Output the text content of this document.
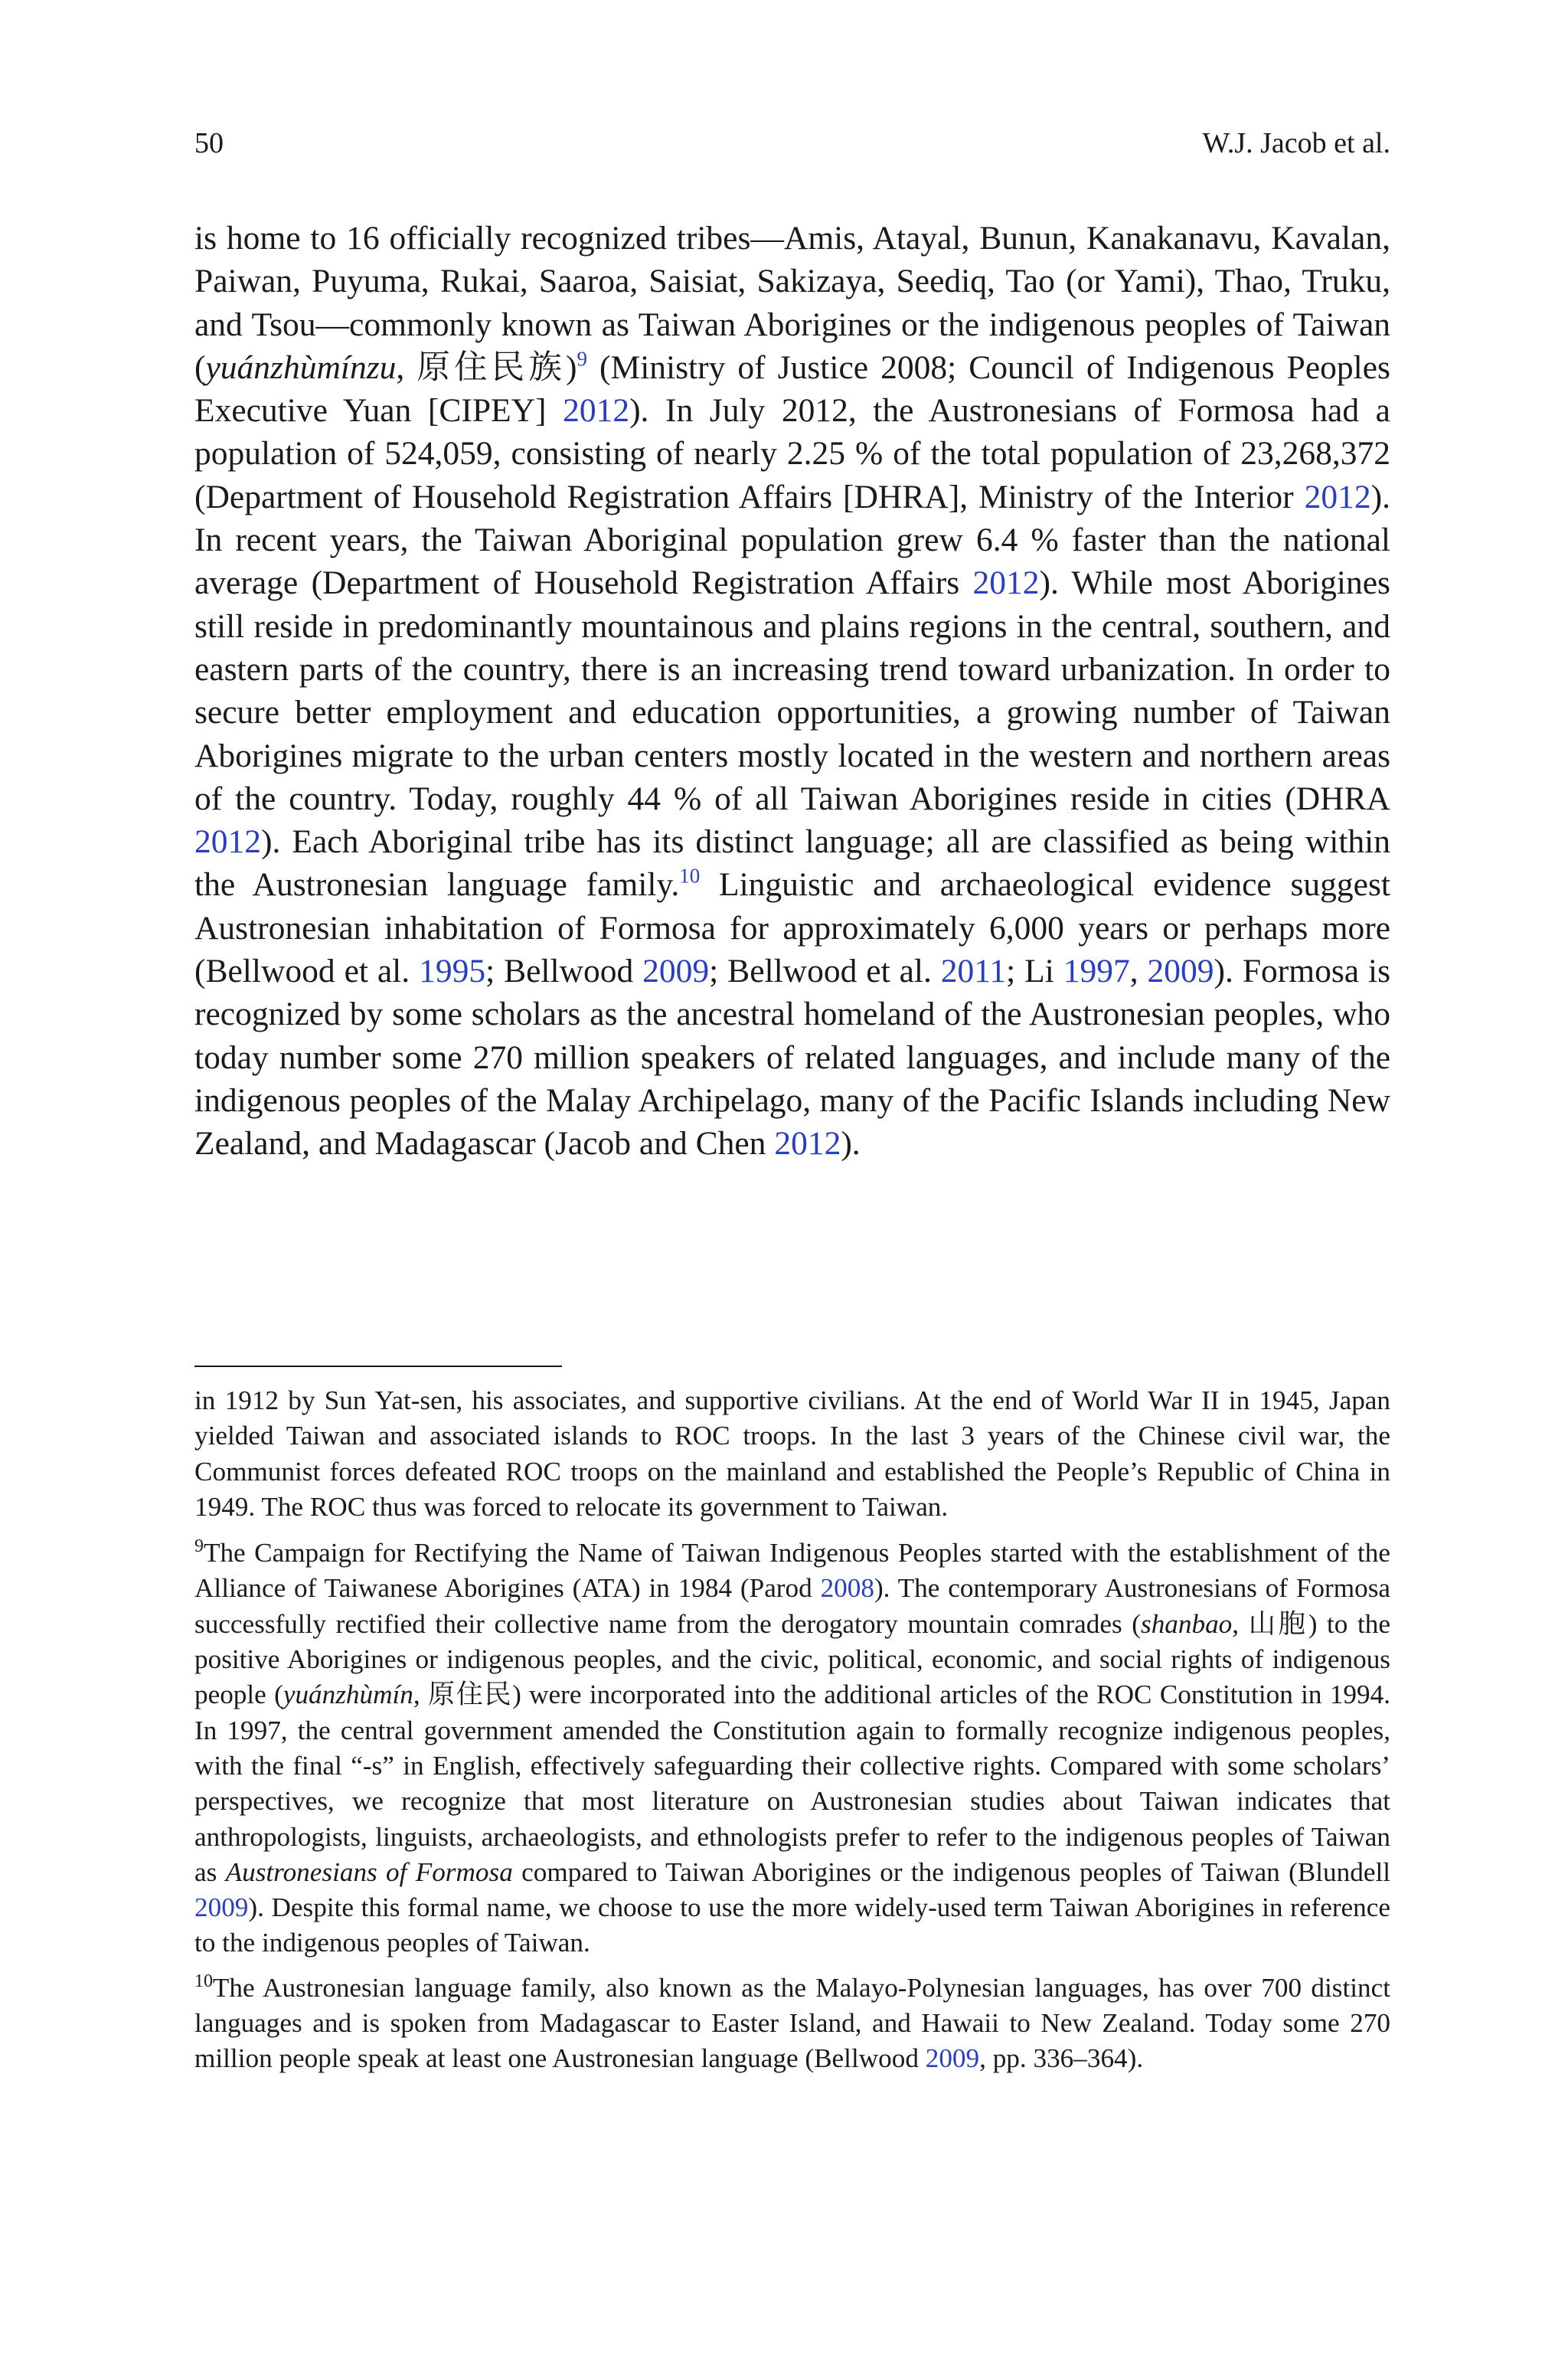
50	W.J. Jacob et al.

is home to 16 officially recognized tribes—Amis, Atayal, Bunun, Kanakanavu, Kavalan, Paiwan, Puyuma, Rukai, Saaroa, Saisiat, Sakizaya, Seediq, Tao (or Yami), Thao, Truku, and Tsou—commonly known as Taiwan Aborigines or the indigenous peoples of Taiwan (yuánzhùmínzu, 原住民族)$^9$ (Ministry of Justice 2008; Council of Indigenous Peoples Executive Yuan [CIPEY] 2012). In July 2012, the Austronesians of Formosa had a population of 524,059, consisting of nearly 2.25 % of the total population of 23,268,372 (Department of Household Registration Affairs [DHRA], Ministry of the Interior 2012). In recent years, the Taiwan Aboriginal population grew 6.4 % faster than the national average (Department of Household Registration Affairs 2012). While most Aborigines still reside in predominantly mountainous and plains regions in the central, southern, and eastern parts of the country, there is an increasing trend toward urbanization. In order to secure better employment and education opportunities, a growing number of Taiwan Aborigines migrate to the urban centers mostly located in the western and northern areas of the country. Today, roughly 44 % of all Taiwan Aborigines reside in cities (DHRA 2012). Each Aboriginal tribe has its distinct language; all are classified as being within the Austronesian language family.$^{10}$ Linguistic and archaeological evidence suggest Austronesian inhabitation of Formosa for approximately 6,000 years or perhaps more (Bellwood et al. 1995; Bellwood 2009; Bellwood et al. 2011; Li 1997, 2009). Formosa is recognized by some scholars as the ancestral homeland of the Austronesian peoples, who today number some 270 million speakers of related languages, and include many of the indigenous peoples of the Malay Archipelago, many of the Pacific Islands including New Zealand, and Madagascar (Jacob and Chen 2012).

in 1912 by Sun Yat-sen, his associates, and supportive civilians. At the end of World War II in 1945, Japan yielded Taiwan and associated islands to ROC troops. In the last 3 years of the Chinese civil war, the Communist forces defeated ROC troops on the mainland and established the People’s Republic of China in 1949. The ROC thus was forced to relocate its government to Taiwan.

$^9$The Campaign for Rectifying the Name of Taiwan Indigenous Peoples started with the establishment of the Alliance of Taiwanese Aborigines (ATA) in 1984 (Parod 2008). The contemporary Austronesians of Formosa successfully rectified their collective name from the derogatory mountain comrades (shanbao, 山胞) to the positive Aborigines or indigenous peoples, and the civic, political, economic, and social rights of indigenous people (yuánzhùmín, 原住民) were incorporated into the additional articles of the ROC Constitution in 1994. In 1997, the central government amended the Constitution again to formally recognize indigenous peoples, with the final “-s” in English, effectively safeguarding their collective rights. Compared with some scholars’ perspectives, we recognize that most literature on Austronesian studies about Taiwan indicates that anthropologists, linguists, archaeologists, and ethnologists prefer to refer to the indigenous peoples of Taiwan as Austronesians of Formosa compared to Taiwan Aborigines or the indigenous peoples of Taiwan (Blundell 2009). Despite this formal name, we choose to use the more widely-used term Taiwan Aborigines in reference to the indigenous peoples of Taiwan.

$^{10}$The Austronesian language family, also known as the Malayo-Polynesian languages, has over 700 distinct languages and is spoken from Madagascar to Easter Island, and Hawaii to New Zealand. Today some 270 million people speak at least one Austronesian language (Bellwood 2009, pp. 336–364).
